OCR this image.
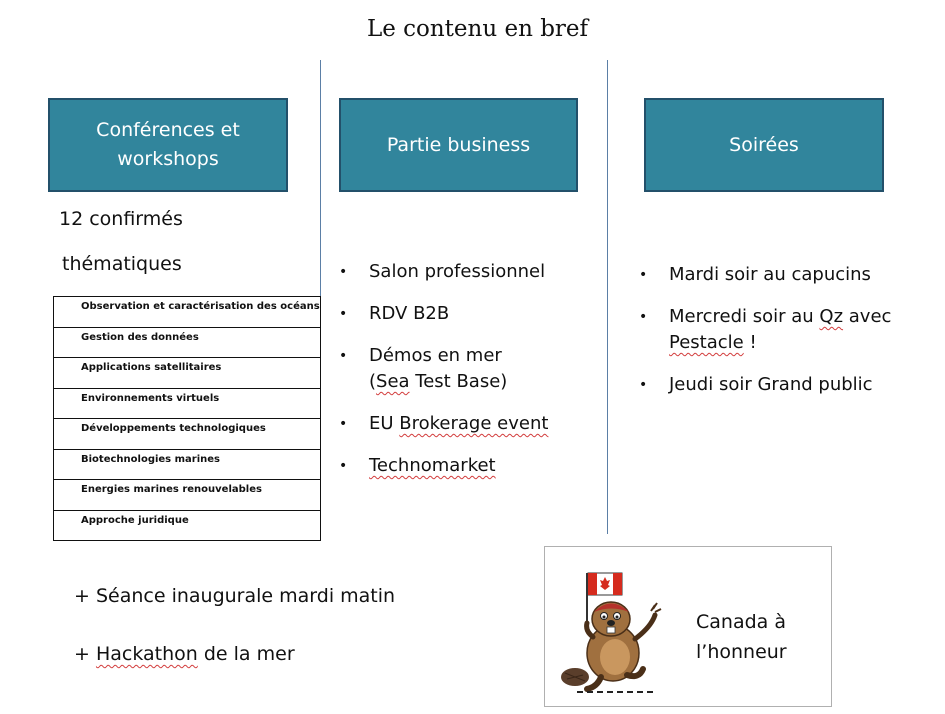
Le contenu en bref
Conférences et
workshops
12 confirmés
thématiques
Observation et caractérisation des océans
Gestion des données
Applications satellitaires
Environnements virtuels
Développements technologiques
Biotechnologies marines
Energies marines renouvelables
Approche juridique
Partie business
• Salon professionnel
• RDV B2B
• Démos en mer
(Sea Test Base)
• EU Brokerage event
• Technomarket
Soirées
• Mardi soir au capucins
• Mercredi soir au Qz avec
Pestacle !
• Jeudi soir Grand public
+ Séance inaugurale mardi matin
+ Hackathon de la mer
Canada à
l’honneur
